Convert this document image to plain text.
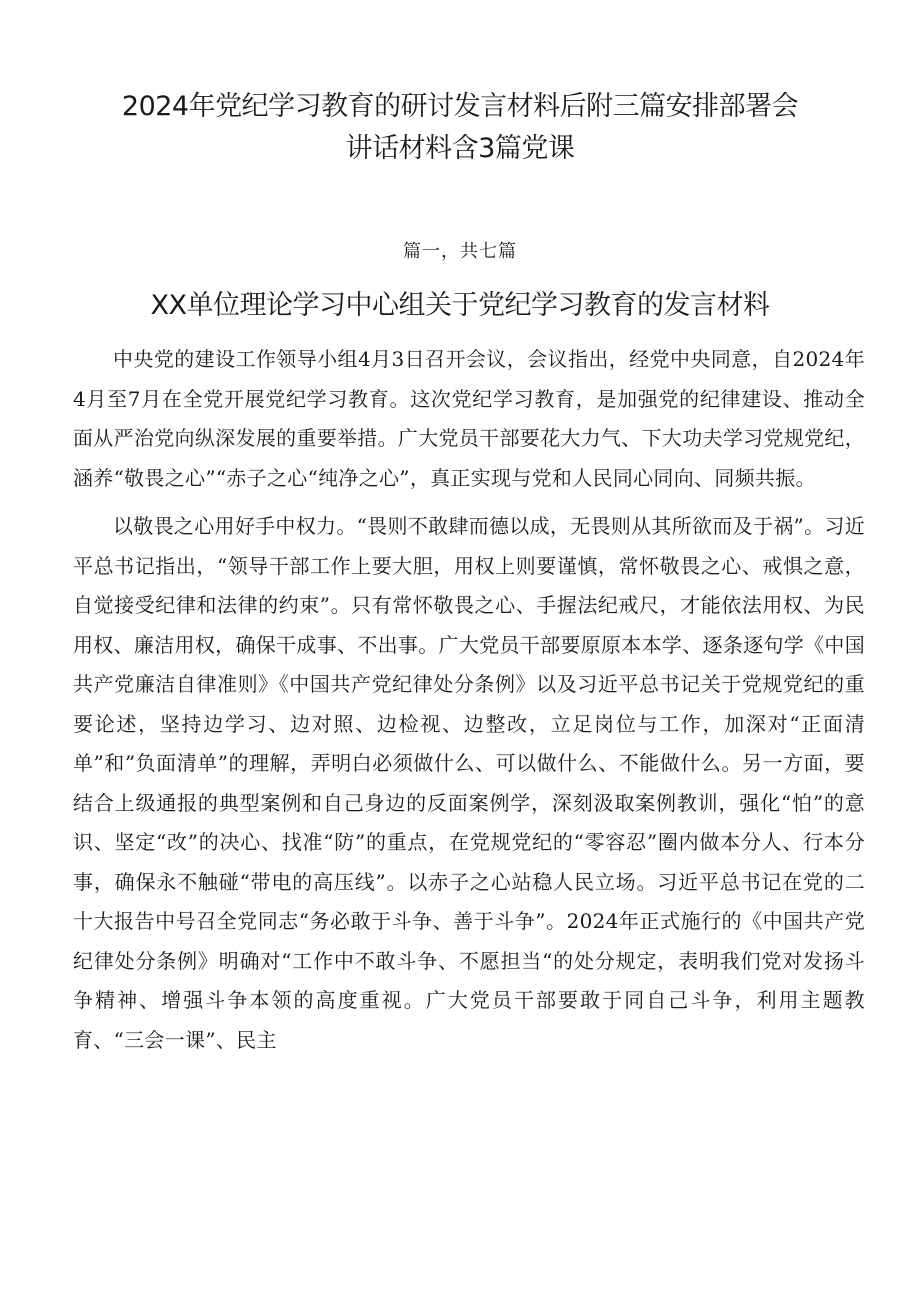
2024年党纪学习教育的研讨发言材料后附三篇安排部署会讲话材料含3篇党课
篇一，共七篇
XX单位理论学习中心组关于党纪学习教育的发言材料

中央党的建设工作领导小组4月3日召开会议，会议指出，经党中央同意，自2024年4月至7月在全党开展党纪学习教育。这次党纪学习教育，是加强党的纪律建设、推动全面从严治党向纵深发展的重要举措。广大党员干部要花大力气、下大功夫学习党规党纪，涵养“敬畏之心”“赤子之心“纯净之心”，真正实现与党和人民同心同向、同频共振。

以敬畏之心用好手中权力。“畏则不敢肆而德以成，无畏则从其所欲而及于祸”。习近平总书记指出，“领导干部工作上要大胆，用权上则要谨慎，常怀敬畏之心、戒惧之意，自觉接受纪律和法律的约束”。只有常怀敬畏之心、手握法纪戒尺，才能依法用权、为民用权、廉洁用权，确保干成事、不出事。广大党员干部要原原本本学、逐条逐句学《中国共产党廉洁自律准则》《中国共产党纪律处分条例》以及习近平总书记关于党规党纪的重要论述，坚持边学习、边对照、边检视、边整改，立足岗位与工作，加深对“正面清单”和”负面清单”的理解，弄明白必须做什么、可以做什么、不能做什么。另一方面，要结合上级通报的典型案例和自己身边的反面案例学，深刻汲取案例教训，强化“怕”的意识、坚定“改”的决心、找准“防”的重点，在党规党纪的“零容忍”圈内做本分人、行本分事，确保永不触碰“带电的高压线”。以赤子之心站稳人民立场。习近平总书记在党的二十大报告中号召全党同志“务必敢于斗争、善于斗争”。2024年正式施行的《中国共产党纪律处分条例》明确对“工作中不敢斗争、不愿担当“的处分规定，表明我们党对发扬斗争精神、增强斗争本领的高度重视。广大党员干部要敢于同自己斗争，利用主题教育、“三会一课”、民主
